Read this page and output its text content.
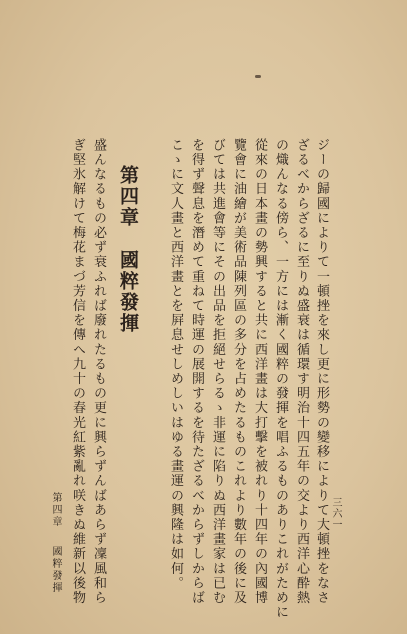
ジーの歸國によりて一頓挫を來し更に形勢の變移によりて大頓挫をなさ
ざるべからざるに至りぬ盛衰は循環す明治十四五年の交より西洋心酔熱
の熾んなる傍ら、一方には漸く國粹の發揮を唱ふるものありこれがために
從來の日本畫の勢興すると共に西洋畫は大打擊を被れり十四年の內國博
覽會に油繪が美術品陳列區の多分を占めたるものこれより數年の後に及
びては共進會等にその出品を拒絕せらるゝ非運に陷りぬ西洋畫家は已む
を得ず聲息を潛めて重ねて時運の展開するを待たざるべからずしからば
こゝに文人畫と西洋畫とを屛息せしめしいはゆる畫運の興隆は如何。
第四章國粹發揮
盛んなるもの必ず衰ふれば廢れたるもの更に興らずんばあらず凜風和ら
ぎ堅氷解けて梅花まづ芳信を傳へ九十の春光紅紫亂れ咲きぬ維新以後物
第四章
國粹發揮
三六一
